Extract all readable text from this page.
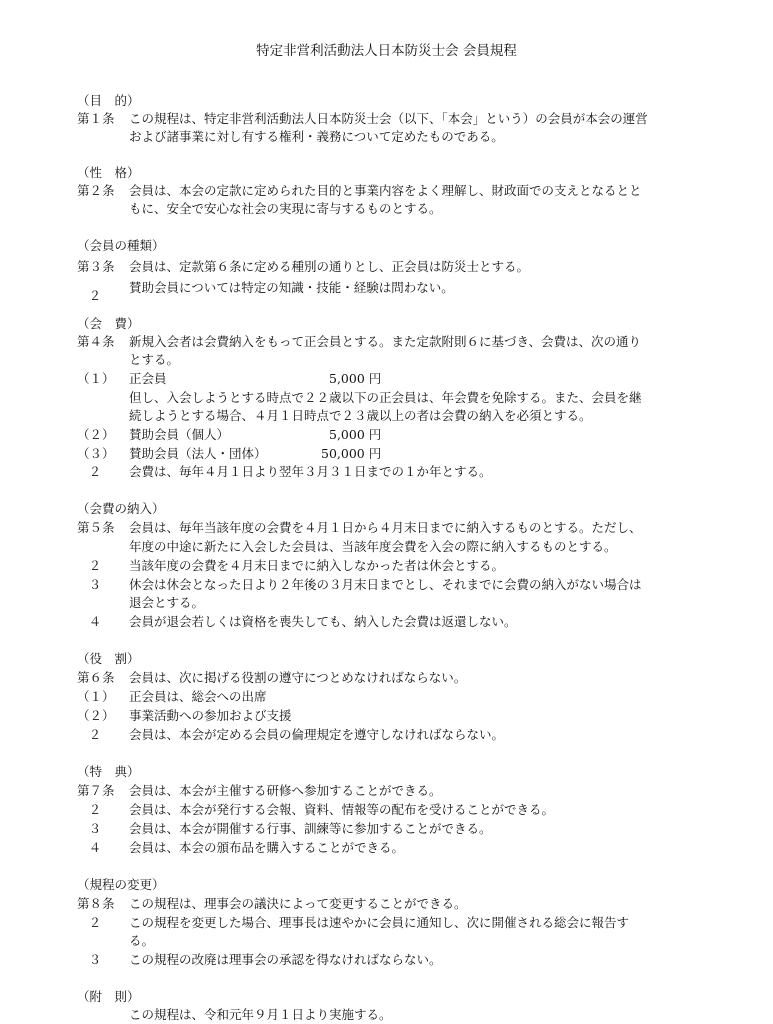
特定非営利活動法人日本防災士会 会員規程
（目　的）
第１条 この規程は、特定非営利活動法人日本防災士会（以下、「本会」という）の会員が本会の運営
および諸事業に対し有する権利・義務について定めたものである。
（性　格）
第２条 会員は、本会の定款に定められた目的と事業内容をよく理解し、財政面での支えとなるとと
もに、安全で安心な社会の実現に寄与するものとする。
（会員の種類）
第３条 会員は、定款第６条に定める種別の通りとし、正会員は防災士とする。
賛助会員については特定の知識・技能・経験は問わない。
２
（会　費）
第４条 新規入会者は会費納入をもって正会員とする。また定款附則６に基づき、会費は、次の通り
とする。
（１） 正会員	5,000 円
但し、入会しようとする時点で２２歳以下の正会員は、年会費を免除する。また、会員を継
続しようとする場合、４月１日時点で２３歳以上の者は会費の納入を必須とする。
（２） 賛助会員（個人）	5,000 円
（３） 賛助会員（法人・団体）	50,000 円
２	会費は、毎年４月１日より翌年３月３１日までの１か年とする。
（会費の納入）
第５条 会員は、毎年当該年度の会費を４月１日から４月末日までに納入するものとする。ただし、
年度の中途に新たに入会した会員は、当該年度会費を入会の際に納入するものとする。
２	当該年度の会費を４月末日までに納入しなかった者は休会とする。
３	休会は休会となった日より２年後の３月末日までとし、それまでに会費の納入がない場合は
退会とする。
４	会員が退会若しくは資格を喪失しても、納入した会費は返還しない。
（役　割）
第６条 会員は、次に掲げる役割の遵守につとめなければならない。
（１） 正会員は、総会への出席
（２） 事業活動への参加および支援
２	会員は、本会が定める会員の倫理規定を遵守しなければならない。
（特　典）
第７条 会員は、本会が主催する研修へ参加することができる。
２	会員は、本会が発行する会報、資料、情報等の配布を受けることができる。
３	会員は、本会が開催する行事、訓練等に参加することができる。
４	会員は、本会の頒布品を購入することができる。
（規程の変更）
第８条 この規程は、理事会の議決によって変更することができる。
２	この規程を変更した場合、理事長は速やかに会員に通知し、次に開催される総会に報告す
る。
３	この規程の改廃は理事会の承認を得なければならない。
（附　則）
この規程は、令和元年９月１日より実施する。
